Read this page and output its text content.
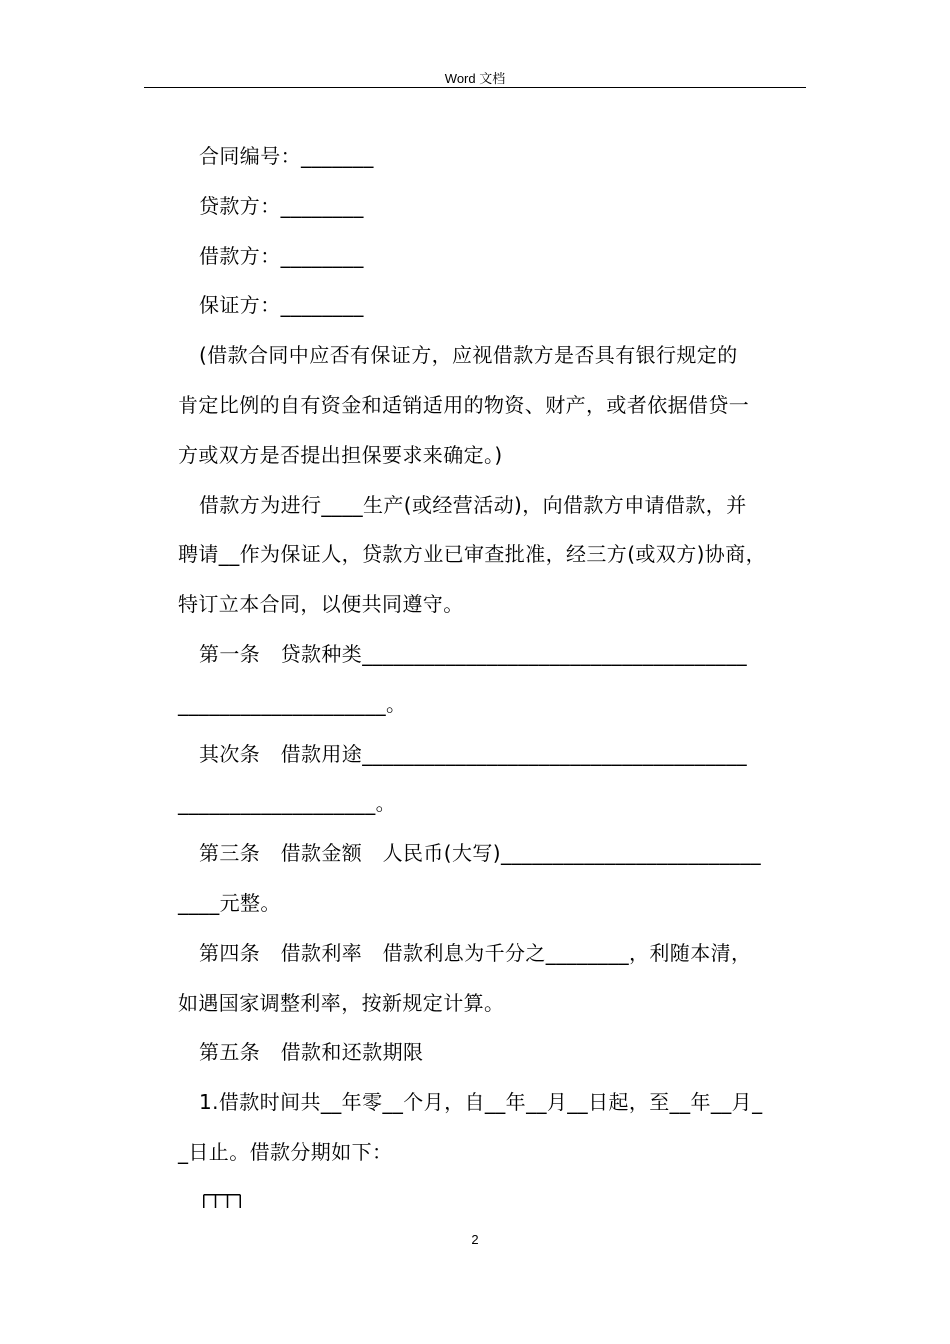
Word 文档

合同编号：_______

贷款方：________

借款方：________

保证方：________

(借款合同中应否有保证方，应视借款方是否具有银行规定的

肯定比例的自有资金和适销适用的物资、财产，或者依据借贷一

方或双方是否提出担保要求来确定。)

借款方为进行____生产(或经营活动)，向借款方申请借款，并

聘请__作为保证人，贷款方业已审查批准，经三方(或双方)协商，

特订立本合同，以便共同遵守。

第一条　贷款种类_____________________________________

____________________。

其次条　借款用途_____________________________________

___________________。

第三条　借款金额　人民币(大写)_________________________

____元整。

第四条　借款利率　借款利息为千分之________，利随本清，

如遇国家调整利率，按新规定计算。

第五条　借款和还款期限

1.借款时间共__年零__个月，自__年__月__日起，至__年__月_

_日止。借款分期如下：

2
